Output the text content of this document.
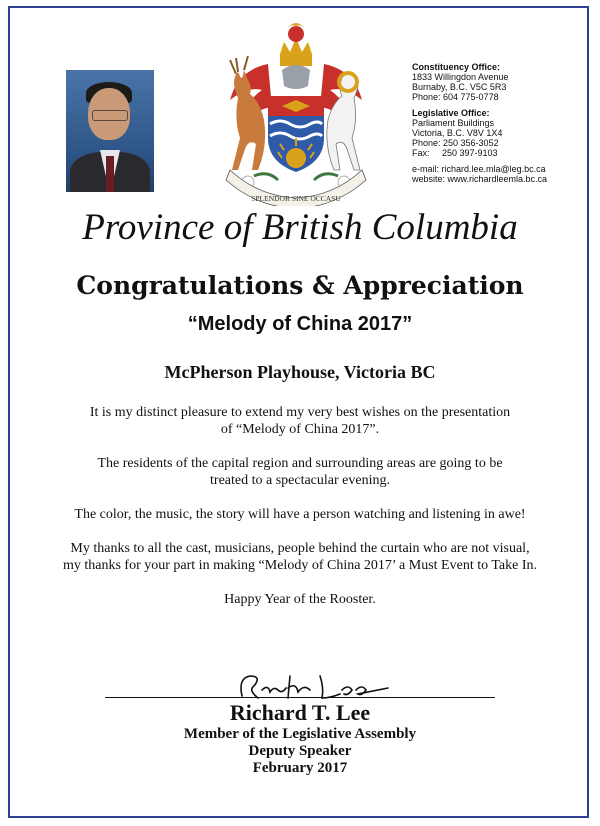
SPLENDOR SINE OCCASU
Constituency Office:
1833 Willingdon Avenue
Burnaby, B.C. V5C 5R3
Phone: 604 775-0778
Legislative Office:
Parliament Buildings
Victoria, B.C. V8V 1X4
Phone: 250 356-3052
Fax:     250 397-9103
e-mail: richard.lee.mla@leg.bc.ca
website: www.richardleemla.bc.ca
Province of British Columbia
Congratulations & Appreciation
“Melody of China 2017”
McPherson Playhouse, Victoria BC

It is my distinct pleasure to extend my very best wishes on the presentation
of “Melody of China 2017”.

The residents of the capital region and surrounding areas are going to be
treated to a spectacular evening.

The color, the music, the story will have a person watching and listening in awe!

My thanks to all the cast, musicians, people behind the curtain who are not visual,
my thanks for your part in making “Melody of China 2017’ a Must Event to Take In.

Happy Year of the Rooster.

Richard T. Lee
Member of the Legislative Assembly
Deputy Speaker
February 2017
